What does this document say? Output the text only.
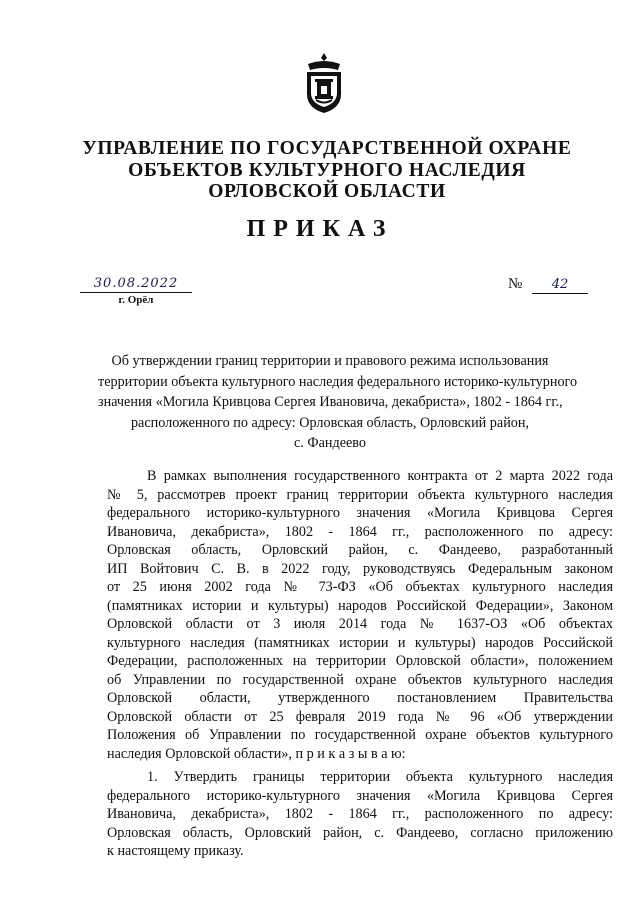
УПРАВЛЕНИЕ ПО ГОСУДАРСТВЕННОЙ ОХРАНЕ
ОБЪЕКТОВ КУЛЬТУРНОГО НАСЛЕДИЯ
ОРЛОВСКОЙ ОБЛАСТИ
ПРИКАЗ
30.08.2022
г. Орёл
№	42
Об утверждении границ территории и правового режима использования
территории объекта культурного наследия федерального историко-культурного
значения «Могила Кривцова Сергея Ивановича, декабриста», 1802 - 1864 гг.,
расположенного по адресу: Орловская область, Орловский район,
с. Фандеево
В рамках выполнения государственного контракта от 2 марта 2022 года
№ 5, рассмотрев проект границ территории объекта культурного наследия
федерального историко-культурного значения «Могила Кривцова Сергея
Ивановича, декабриста», 1802 - 1864 гг., расположенного по адресу:
Орловская область, Орловский район, с. Фандеево, разработанный
ИП Войтович С. В. в 2022 году, руководствуясь Федеральным законом
от 25 июня 2002 года № 73-ФЗ «Об объектах культурного наследия
(памятниках истории и культуры) народов Российской Федерации», Законом
Орловской области от 3 июля 2014 года № 1637-ОЗ «Об объектах
культурного наследия (памятниках истории и культуры) народов Российской
Федерации, расположенных на территории Орловской области», положением
об Управлении по государственной охране объектов культурного наследия
Орловской области, утвержденного постановлением Правительства
Орловской области от 25 февраля 2019 года № 96 «Об утверждении
Положения об Управлении по государственной охране объектов культурного
наследия Орловской области», п р и к а з ы в а ю:
1. Утвердить границы территории объекта культурного наследия
федерального историко-культурного значения «Могила Кривцова Сергея
Ивановича, декабриста», 1802 - 1864 гг., расположенного по адресу:
Орловская область, Орловский район, с. Фандеево, согласно приложению
к настоящему приказу.
